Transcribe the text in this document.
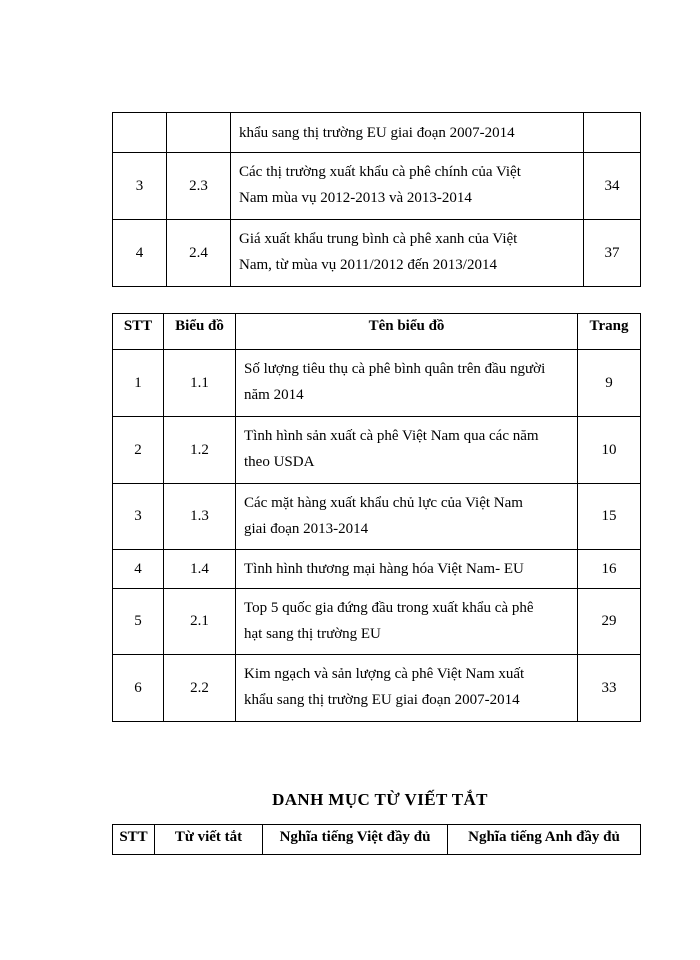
		khẩu sang thị trường EU giai đoạn 2007-2014	

3	2.3	Các thị trường xuất khẩu cà phê chính của Việt
Nam mùa vụ 2012-2013 và 2013-2014	34
4	2.4	Giá xuất khẩu trung bình cà phê xanh của Việt
Nam, từ mùa vụ 2011/2012 đến 2013/2014	37
STT	Biểu đồ	Tên biểu đồ	Trang
1	1.1	Số lượng tiêu thụ cà phê bình quân trên đầu người
năm 2014	9
2	1.2	Tình hình sản xuất cà phê Việt Nam qua các năm
theo USDA	10
3	1.3	Các mặt hàng xuất khẩu chủ lực của Việt Nam
giai đoạn 2013-2014	15
4	1.4	Tình hình thương mại hàng hóa Việt Nam- EU	16
5	2.1	Top 5 quốc gia đứng đầu trong xuất khẩu cà phê
hạt sang thị trường EU	29
6	2.2	Kim ngạch và sản lượng cà phê Việt Nam xuất
khẩu sang thị trường EU giai đoạn 2007-2014	33
DANH MỤC TỪ VIẾT TẮT
STT	Từ viết tắt	Nghĩa tiếng Việt đầy đủ	Nghĩa tiếng Anh đầy đủ
